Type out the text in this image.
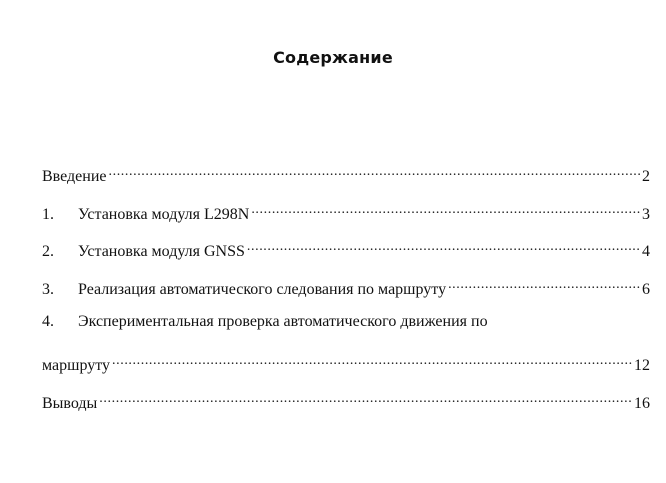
Содержание
Введение .....	2
1.	Установка модуля L298N .....	3
2.	Установка модуля GNSS .....	4
3.	Реализация автоматического следования по маршруту .....	6
4.	Экспериментальная проверка автоматического движения по
маршруту .....	12
Выводы .....	16
